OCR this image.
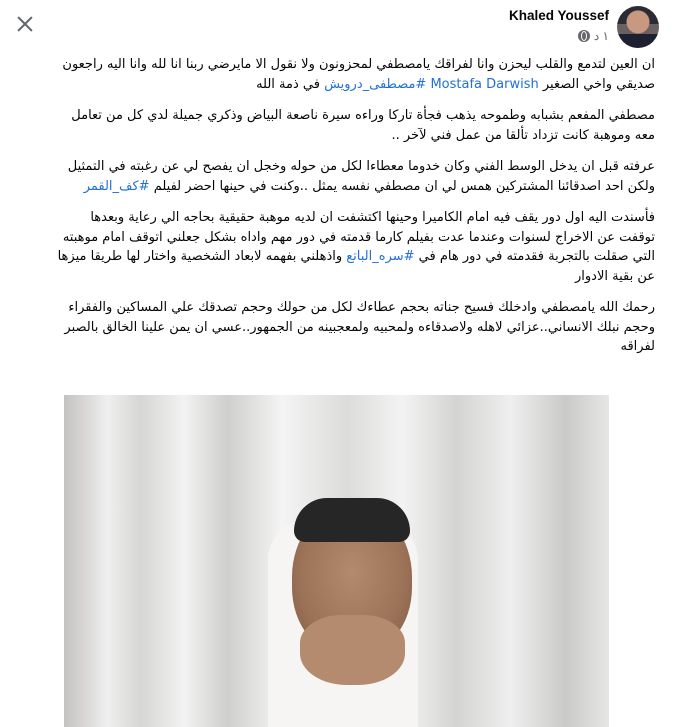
Khaled Youssef
١ د

ان العين لتدمع والقلب ليحزن وانا لفراقك يامصطفي لمحزونون ولا نقول الا مايرضي ربنا انا لله وانا اليه راجعون

صديقي واخي الصغير Mostafa Darwish #مصطفى_درويش في ذمة الله

مصطفي المفعم بشبابه وطموحه يذهب فجأة تاركا وراءه سيرة ناصعة البياض وذكري جميلة لدي كل من تعامل معه وموهبة كانت تزداد تألقا من عمل فني لآخر ..

عرفته قبل ان يدخل الوسط الفني وكان خدوما معطاءا لكل من حوله وخجل ان يفصح لي عن رغبته في التمثيل ولكن احد اصدقائنا المشتركين همس لي ان مصطفي نفسه يمثل ..وكنت في حينها احضر لفيلم #كف_القمر

فأسندت اليه اول دور يقف فيه امام الكاميرا وحينها اكتشفت ان لديه موهبة حقيقية بحاجه الي رعاية وبعدها توقفت عن الاخراج لسنوات وعندما عدت بفيلم كارما قدمته في دور مهم واداه بشكل جعلني اتوقف امام موهبته التي صقلت بالتجربة فقدمته في دور هام في #سره_الباتع واذهلني بفهمه لابعاد الشخصية واختار لها طريقا ميزها عن بقية الادوار

رحمك الله يامصطفي وادخلك فسيح جناته بحجم عطاءك لكل من حولك وحجم تصدقك علي المساكين والفقراء وحجم نبلك الانساني..عزائي لاهله ولاصدقاءه ولمحبيه ولمعجبينه من الجمهور..عسي ان يمن علينا الخالق بالصبر لفراقه
